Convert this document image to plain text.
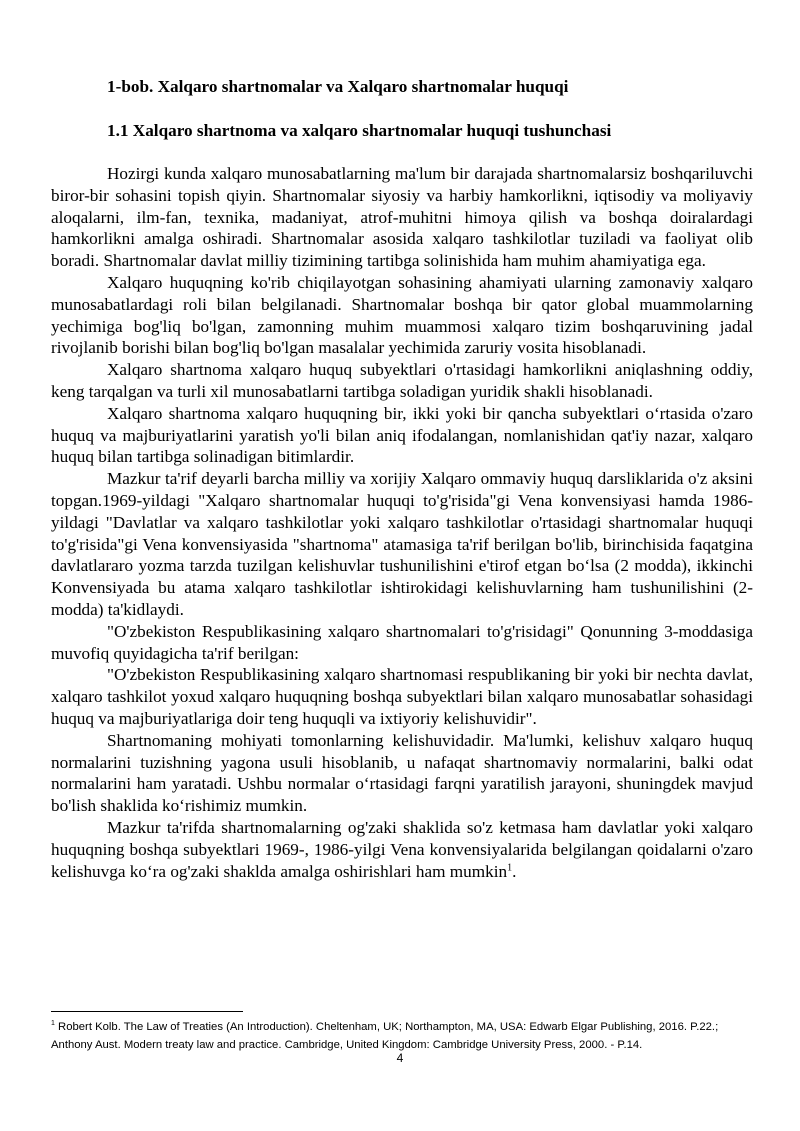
1-bob. Xalqaro shartnomalar va Xalqaro shartnomalar huquqi

1.1 Xalqaro shartnoma va xalqaro shartnomalar huquqi tushunchasi

Hozirgi kunda xalqaro munosabatlarning ma'lum bir darajada shartnomalarsiz boshqariluvchi biror-bir sohasini topish qiyin. Shartnomalar siyosiy va harbiy hamkorlikni, iqtisodiy va moliyaviy aloqalarni, ilm-fan, texnika, madaniyat, atrof-muhitni himoya qilish va boshqa doiralardagi hamkorlikni amalga oshiradi. Shartnomalar asosida xalqaro tashkilotlar tuziladi va faoliyat olib boradi. Shartnomalar davlat milliy tizimining tartibga solinishida ham muhim ahamiyatiga ega.

Xalqaro huquqning ko'rib chiqilayotgan sohasining ahamiyati ularning zamonaviy xalqaro munosabatlardagi roli bilan belgilanadi. Shartnomalar boshqa bir qator global muammolarning yechimiga bog'liq bo'lgan, zamonning muhim muammosi xalqaro tizim boshqaruvining jadal rivojlanib borishi bilan bog'liq bo'lgan masalalar yechimida zaruriy vosita hisoblanadi.

Xalqaro shartnoma xalqaro huquq subyektlari o'rtasidagi hamkorlikni aniqlashning oddiy, keng tarqalgan va turli xil munosabatlarni tartibga soladigan yuridik shakli hisoblanadi.

Xalqaro shartnoma xalqaro huquqning bir, ikki yoki bir qancha subyektlari o‘rtasida o'zaro huquq va majburiyatlarini yaratish yo'li bilan aniq ifodalangan, nomlanishidan qat'iy nazar, xalqaro huquq bilan tartibga solinadigan bitimlardir.

Mazkur ta'rif deyarli barcha milliy va xorijiy Xalqaro ommaviy huquq darsliklarida o'z aksini topgan.1969-yildagi "Xalqaro shartnomalar huquqi to'g'risida"gi Vena konvensiyasi hamda 1986-yildagi "Davlatlar va xalqaro tashkilotlar yoki xalqaro tashkilotlar o'rtasidagi shartnomalar huquqi to'g'risida"gi Vena konvensiyasida "shartnoma" atamasiga ta'rif berilgan bo'lib, birinchisida faqatgina davlatlararo yozma tarzda tuzilgan kelishuvlar tushunilishini e'tirof etgan bo‘lsa (2 modda), ikkinchi Konvensiyada bu atama xalqaro tashkilotlar ishtirokidagi kelishuvlarning ham tushunilishini (2-modda) ta'kidlaydi.

"O'zbekiston Respublikasining xalqaro shartnomalari to'g'risidagi" Qonunning 3-moddasiga muvofiq quyidagicha ta'rif berilgan:

"O'zbekiston Respublikasining xalqaro shartnomasi respublikaning bir yoki bir nechta davlat, xalqaro tashkilot yoxud xalqaro huquqning boshqa subyektlari bilan xalqaro munosabatlar sohasidagi huquq va majburiyatlariga doir teng huquqli va ixtiyoriy kelishuvidir".

Shartnomaning mohiyati tomonlarning kelishuvidadir. Ma'lumki, kelishuv xalqaro huquq normalarini tuzishning yagona usuli hisoblanib, u nafaqat shartnomaviy normalarini, balki odat normalarini ham yaratadi. Ushbu normalar o‘rtasidagi farqni yaratilish jarayoni, shuningdek mavjud bo'lish shaklida ko‘rishimiz mumkin.

Mazkur ta'rifda shartnomalarning og'zaki shaklida so'z ketmasa ham davlatlar yoki xalqaro huquqning boshqa subyektlari 1969-, 1986-yilgi Vena konvensiyalarida belgilangan qoidalarni o'zaro kelishuvga ko‘ra og'zaki shaklda amalga oshirishlari ham mumkin$^1$.

$^1$ Robert Kolb. The Law of Treaties (An Introduction). Cheltenham, UK; Northampton, MA, USA: Edwarb Elgar Publishing, 2016. P.22.; Anthony Aust. Modern treaty law and practice. Cambridge, United Kingdom: Cambridge University Press, 2000. - P.14.

4
